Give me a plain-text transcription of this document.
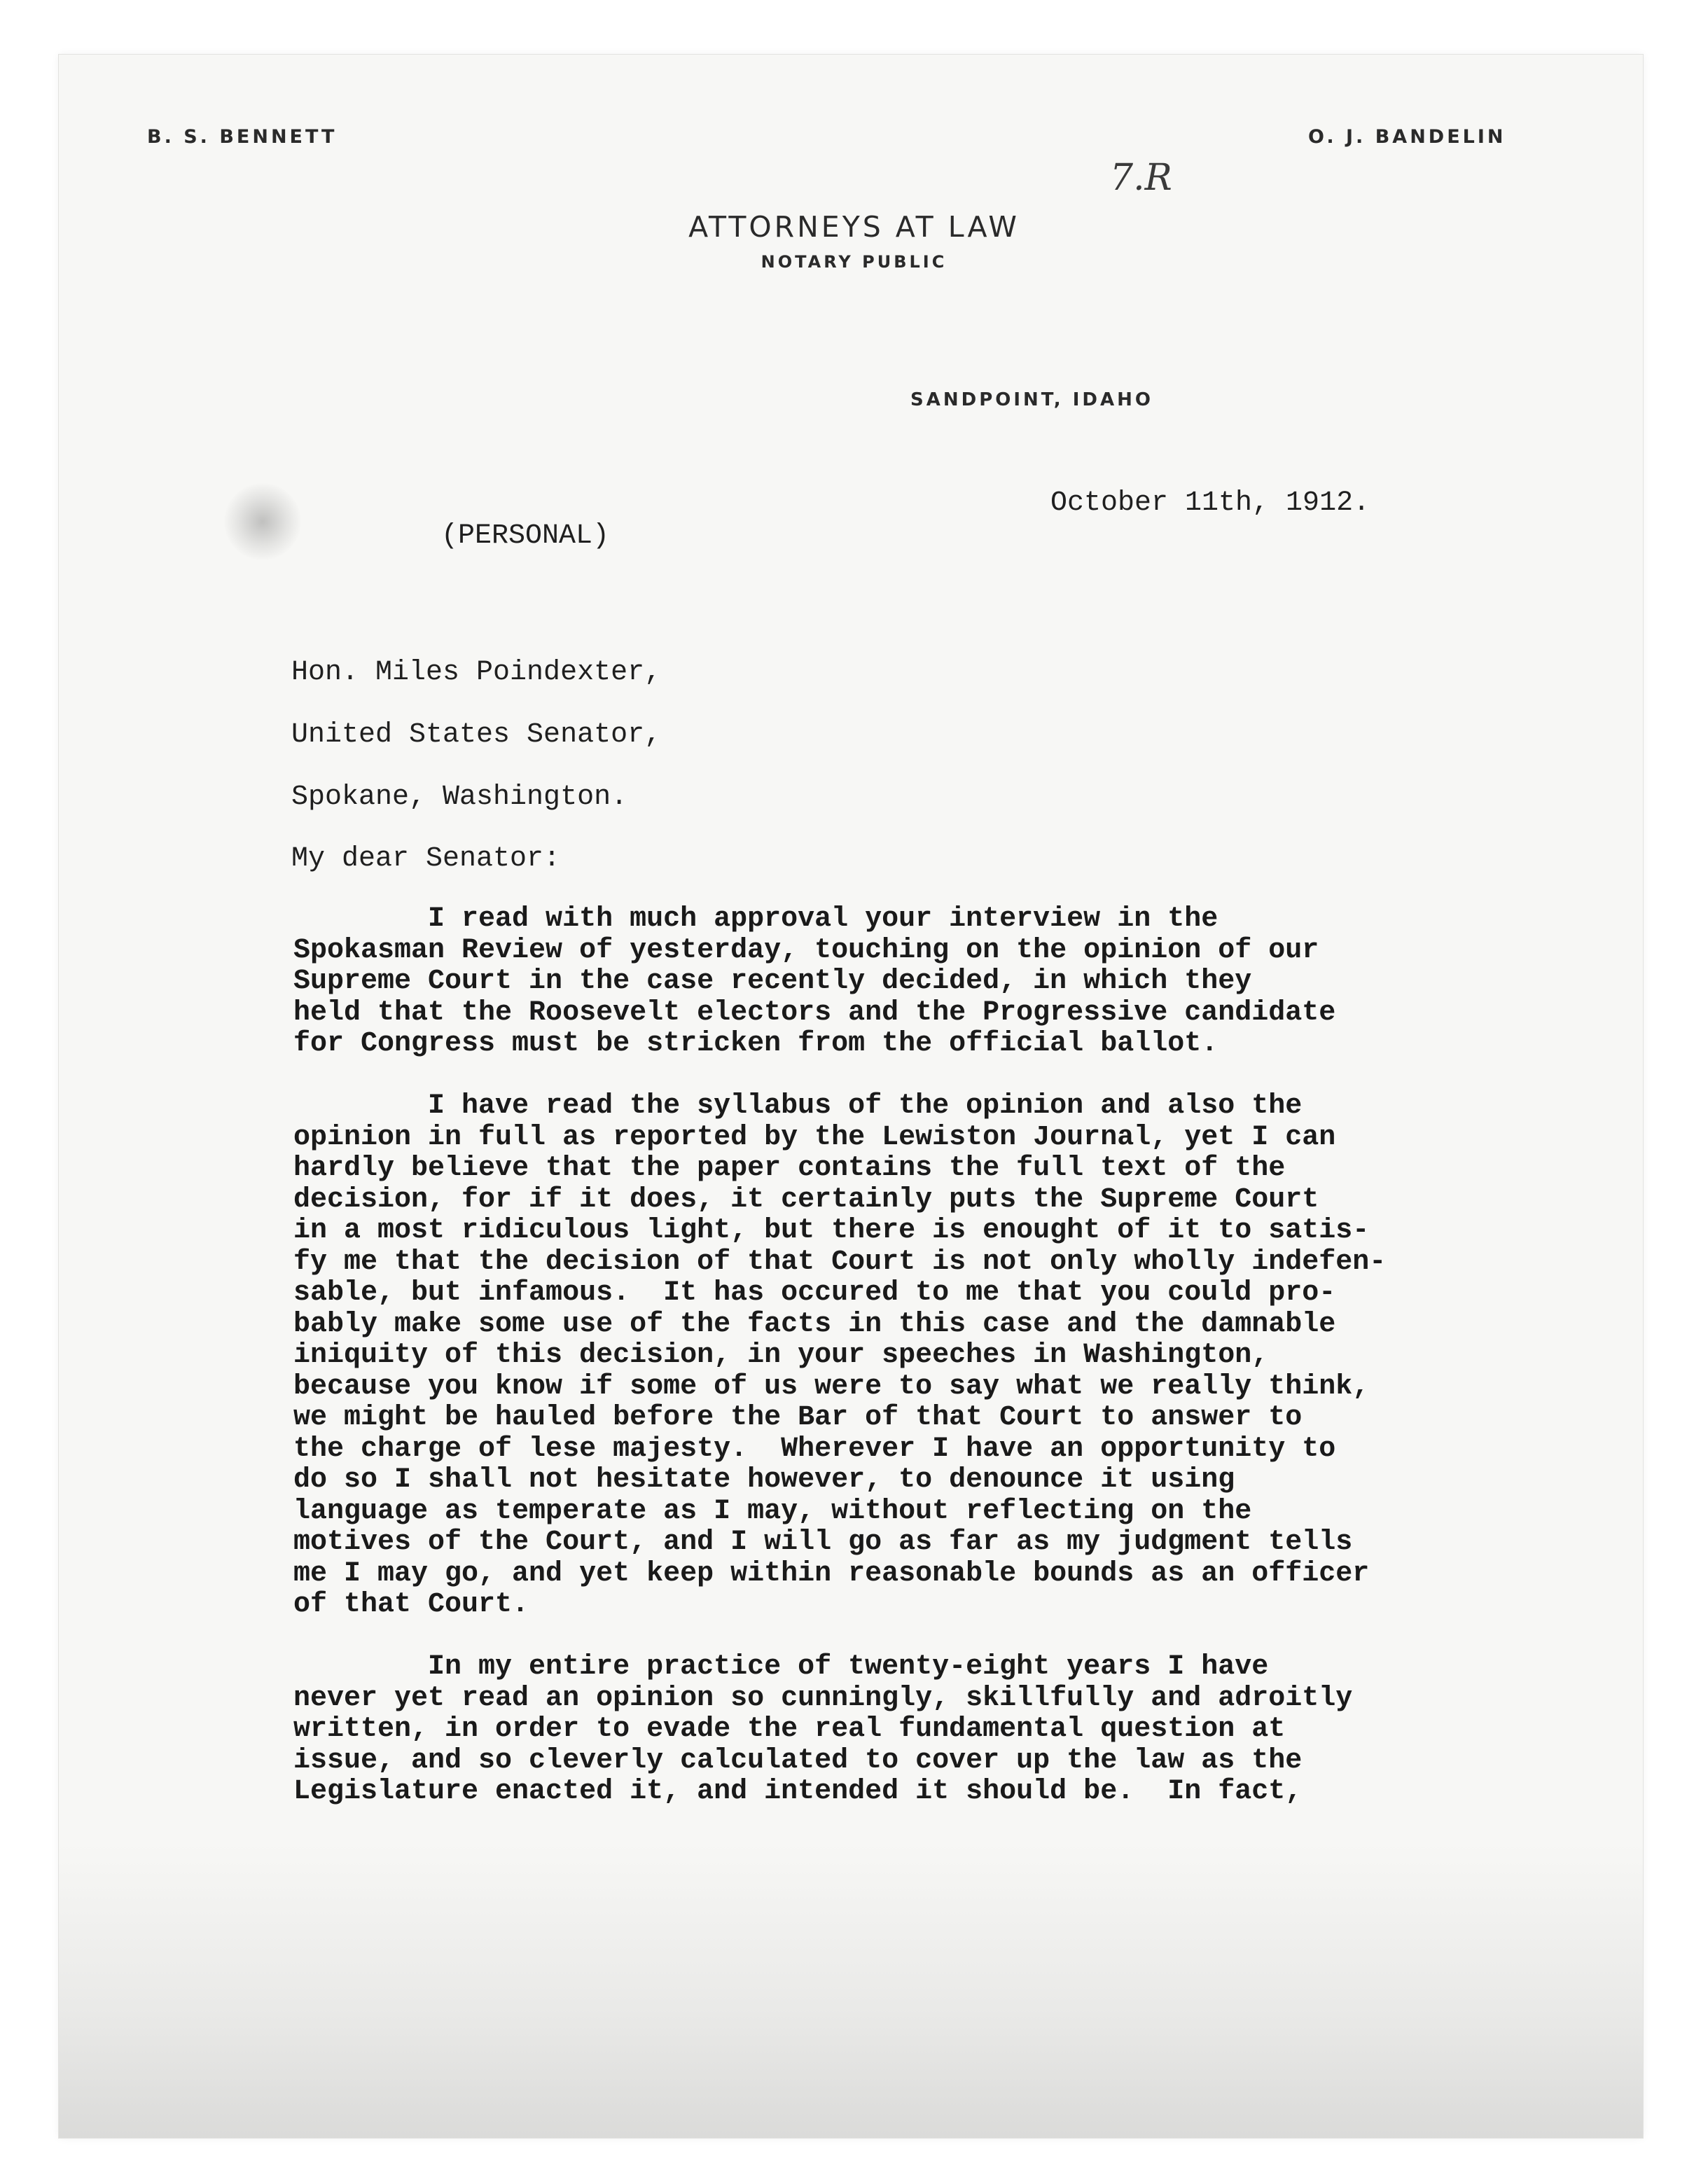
B. S. BENNETT	O. J. BANDELIN
7.R
ATTORNEYS AT LAW
NOTARY PUBLIC
SANDPOINT, IDAHO
October 11th, 1912.
(PERSONAL)
Hon. Miles Poindexter,
United States Senator,
Spokane, Washington.
My dear Senator:
I read with much approval your interview in the
Spokasman Review of yesterday, touching on the opinion of our
Supreme Court in the case recently decided, in which they
held that the Roosevelt electors and the Progressive candidate
for Congress must be stricken from the official ballot.
I have read the syllabus of the opinion and also the
opinion in full as reported by the Lewiston Journal, yet I can
hardly believe that the paper contains the full text of the
decision, for if it does, it certainly puts the Supreme Court
in a most ridiculous light, but there is enought of it to satis-
fy me that the decision of that Court is not only wholly indefen-
sable, but infamous.  It has occured to me that you could pro-
bably make some use of the facts in this case and the damnable
iniquity of this decision, in your speeches in Washington,
because you know if some of us were to say what we really think,
we might be hauled before the Bar of that Court to answer to
the charge of lese majesty.  Wherever I have an opportunity to
do so I shall not hesitate however, to denounce it using
language as temperate as I may, without reflecting on the
motives of the Court, and I will go as far as my judgment tells
me I may go, and yet keep within reasonable bounds as an officer
of that Court.
In my entire practice of twenty-eight years I have
never yet read an opinion so cunningly, skillfully and adroitly
written, in order to evade the real fundamental question at
issue, and so cleverly calculated to cover up the law as the
Legislature enacted it, and intended it should be.  In fact,
